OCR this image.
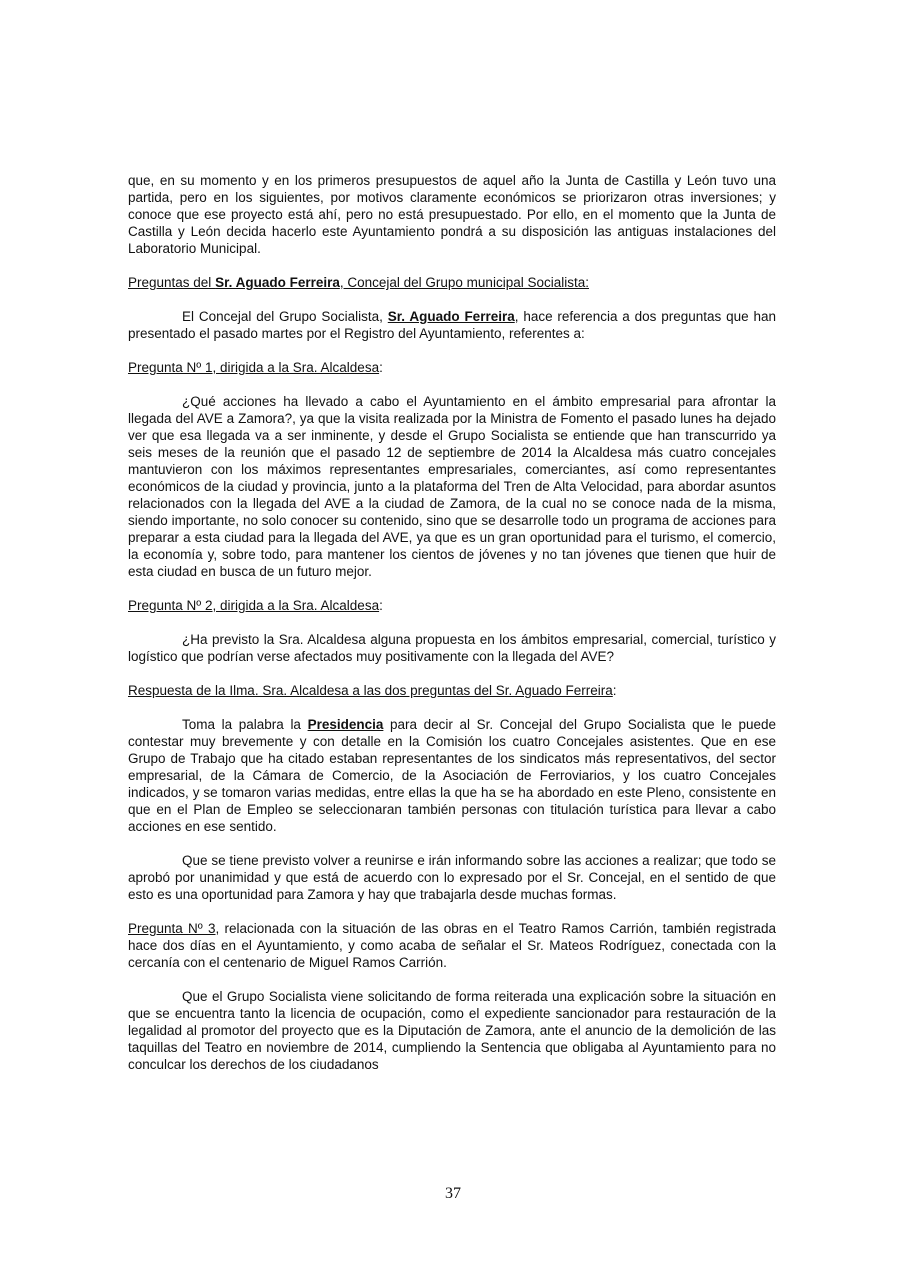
que, en su momento y en los primeros presupuestos de aquel año la Junta de Castilla y León tuvo una partida, pero en los siguientes, por motivos claramente económicos se priorizaron otras inversiones; y conoce que ese proyecto está ahí, pero no está presupuestado. Por ello, en el momento que la Junta de Castilla y León decida hacerlo este Ayuntamiento pondrá a su disposición las antiguas instalaciones del Laboratorio Municipal.

Preguntas del Sr. Aguado Ferreira, Concejal del Grupo municipal Socialista:

El Concejal del Grupo Socialista, Sr. Aguado Ferreira, hace referencia a dos preguntas que han presentado el pasado martes por el Registro del Ayuntamiento, referentes a:

Pregunta Nº 1, dirigida a la Sra. Alcaldesa:

¿Qué acciones ha llevado a cabo el Ayuntamiento en el ámbito empresarial para afrontar la llegada del AVE a Zamora?, ya que la visita realizada por la Ministra de Fomento el pasado lunes ha dejado ver que esa llegada va a ser inminente, y desde el Grupo Socialista se entiende que han transcurrido ya seis meses de la reunión que el pasado 12 de septiembre de 2014 la Alcaldesa más cuatro concejales mantuvieron con los máximos representantes empresariales, comerciantes, así como representantes económicos de la ciudad y provincia, junto a la plataforma del Tren de Alta Velocidad, para abordar asuntos relacionados con la llegada del AVE a la ciudad de Zamora, de la cual no se conoce nada de la misma, siendo importante, no solo conocer su contenido, sino que se desarrolle todo un programa de acciones para preparar a esta ciudad para la llegada del AVE, ya que es un gran oportunidad para el turismo, el comercio, la economía y, sobre todo, para mantener los cientos de jóvenes y no tan jóvenes que tienen que huir de esta ciudad en busca de un futuro mejor.

Pregunta Nº 2, dirigida a la Sra. Alcaldesa:

¿Ha previsto la Sra. Alcaldesa alguna propuesta en los ámbitos empresarial, comercial, turístico y logístico que podrían verse afectados muy positivamente con la llegada del AVE?

Respuesta de la Ilma. Sra. Alcaldesa a las dos preguntas del Sr. Aguado Ferreira:

Toma la palabra la Presidencia para decir al Sr. Concejal del Grupo Socialista que le puede contestar muy brevemente y con detalle en la Comisión los cuatro Concejales asistentes. Que en ese Grupo de Trabajo que ha citado estaban representantes de los sindicatos más representativos, del sector empresarial, de la Cámara de Comercio, de la Asociación de Ferroviarios, y los cuatro Concejales indicados, y se tomaron varias medidas, entre ellas la que ha se ha abordado en este Pleno, consistente en que en el Plan de Empleo se seleccionaran también personas con titulación turística para llevar a cabo acciones en ese sentido.

Que se tiene previsto volver a reunirse e irán informando sobre las acciones a realizar; que todo se aprobó por unanimidad y que está de acuerdo con lo expresado por el Sr. Concejal, en el sentido de que esto es una oportunidad para Zamora y hay que trabajarla desde muchas formas.

Pregunta Nº 3, relacionada con la situación de las obras en el Teatro Ramos Carrión, también registrada hace dos días en el Ayuntamiento, y como acaba de señalar el Sr. Mateos Rodríguez, conectada con la cercanía con el centenario de Miguel Ramos Carrión.

Que el Grupo Socialista viene solicitando de forma reiterada una explicación sobre la situación en que se encuentra tanto la licencia de ocupación, como el expediente sancionador para restauración de la legalidad al promotor del proyecto que es la Diputación de Zamora, ante el anuncio de la demolición de las taquillas del Teatro en noviembre de 2014, cumpliendo la Sentencia que obligaba al Ayuntamiento para no conculcar los derechos de los ciudadanos

37
